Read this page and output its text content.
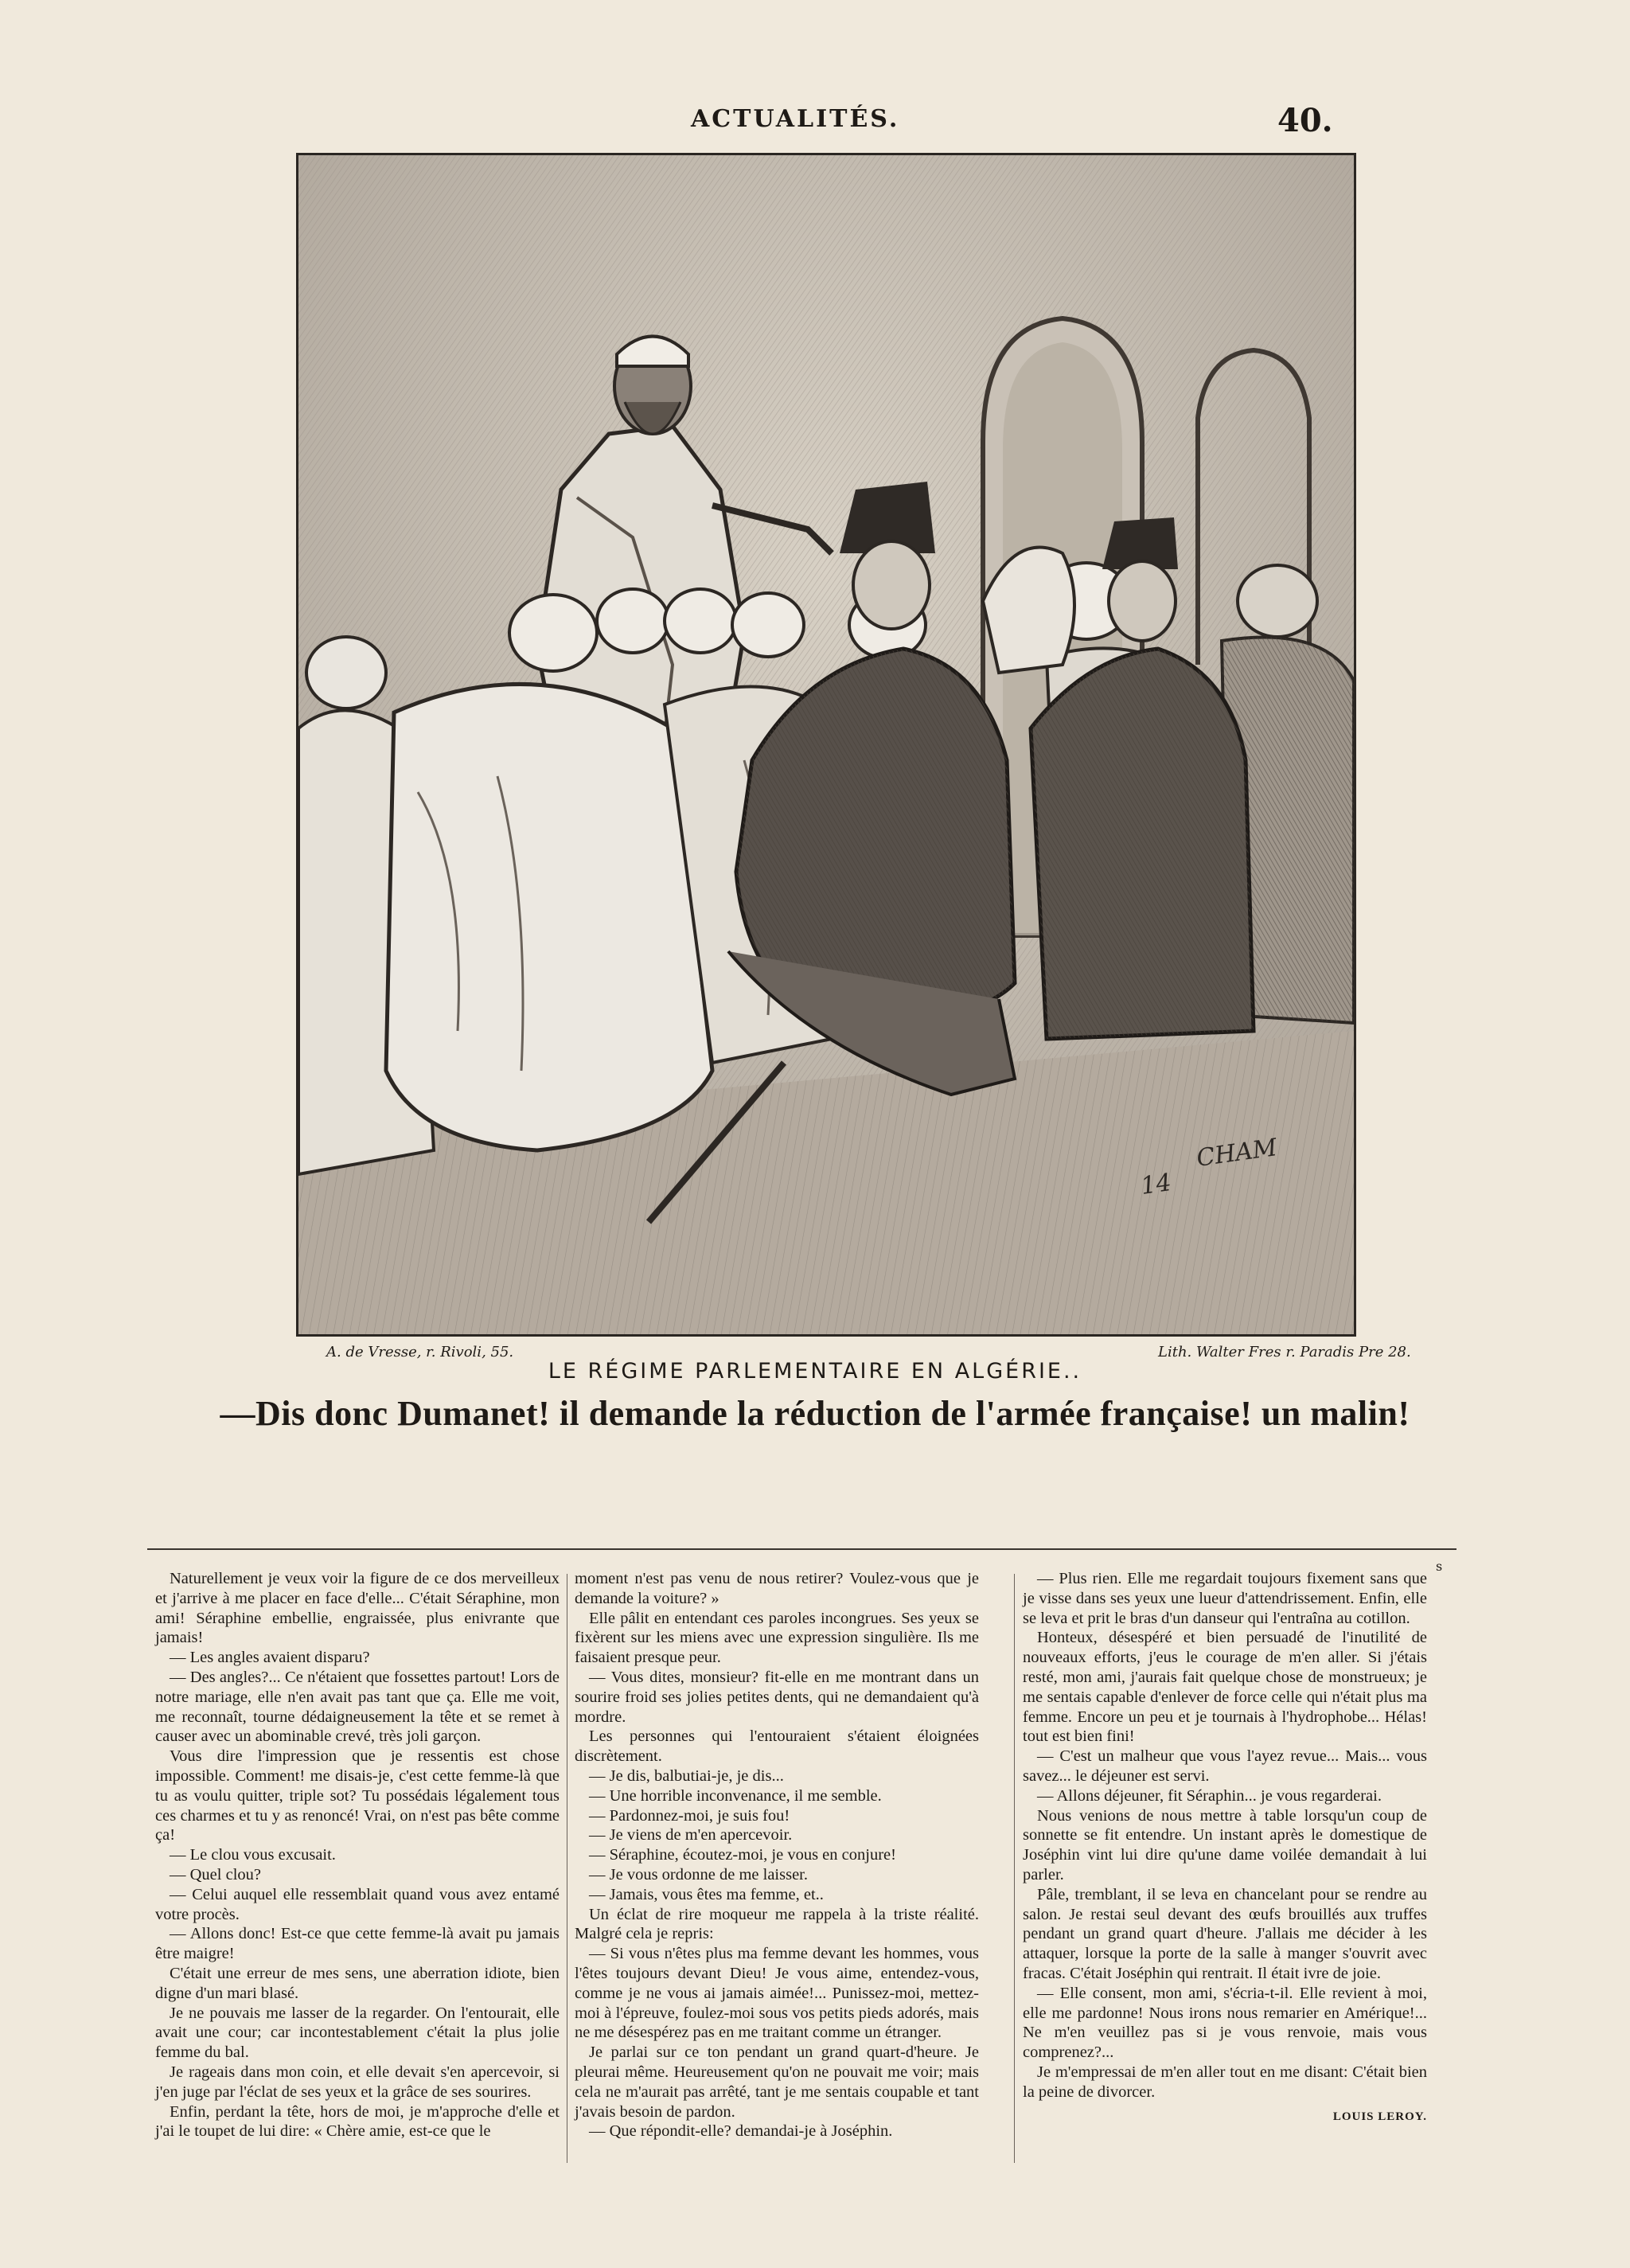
ACTUALITÉS.	40.
CHAM
14
A. de Vresse, r. Rivoli, 55.	Lith. Walter Fres r. Paradis Pre 28.
LE RÉGIME PARLEMENTAIRE EN ALGÉRIE..
—Dis donc Dumanet! il demande la réduction de l'armée française! un malin!
s

Naturellement je veux voir la figure de ce dos merveilleux et j'arrive à me placer en face d'elle... C'était Séraphine, mon ami! Séraphine embellie, engraissée, plus enivrante que jamais!

— Les angles avaient disparu?

— Des angles?... Ce n'étaient que fossettes partout! Lors de notre mariage, elle n'en avait pas tant que ça. Elle me voit, me reconnaît, tourne dédaigneusement la tête et se remet à causer avec un abominable crevé, très joli garçon.

Vous dire l'impression que je ressentis est chose impossible. Comment! me disais-je, c'est cette femme-là que tu as voulu quitter, triple sot? Tu possédais légalement tous ces charmes et tu y as renoncé! Vrai, on n'est pas bête comme ça!

— Le clou vous excusait.

— Quel clou?

— Celui auquel elle ressemblait quand vous avez entamé votre procès.

— Allons donc! Est-ce que cette femme-là avait pu jamais être maigre!

C'était une erreur de mes sens, une aberration idiote, bien digne d'un mari blasé.

Je ne pouvais me lasser de la regarder. On l'entourait, elle avait une cour; car incontestablement c'était la plus jolie femme du bal.

Je rageais dans mon coin, et elle devait s'en apercevoir, si j'en juge par l'éclat de ses yeux et la grâce de ses sourires.

Enfin, perdant la tête, hors de moi, je m'approche d'elle et j'ai le toupet de lui dire: « Chère amie, est-ce que le

moment n'est pas venu de nous retirer? Voulez-vous que je demande la voiture? »

Elle pâlit en entendant ces paroles incongrues. Ses yeux se fixèrent sur les miens avec une expression singulière. Ils me faisaient presque peur.

— Vous dites, monsieur? fit-elle en me montrant dans un sourire froid ses jolies petites dents, qui ne demandaient qu'à mordre.

Les personnes qui l'entouraient s'étaient éloignées discrètement.

— Je dis, balbutiai-je, je dis...

— Une horrible inconvenance, il me semble.

— Pardonnez-moi, je suis fou!

— Je viens de m'en apercevoir.

— Séraphine, écoutez-moi, je vous en conjure!

— Je vous ordonne de me laisser.

— Jamais, vous êtes ma femme, et..

Un éclat de rire moqueur me rappela à la triste réalité. Malgré cela je repris:

— Si vous n'êtes plus ma femme devant les hommes, vous l'êtes toujours devant Dieu! Je vous aime, entendez-vous, comme je ne vous ai jamais aimée!... Punissez-moi, mettez-moi à l'épreuve, foulez-moi sous vos petits pieds adorés, mais ne me désespérez pas en me traitant comme un étranger.

Je parlai sur ce ton pendant un grand quart-d'heure. Je pleurai même. Heureusement qu'on ne pouvait me voir; mais cela ne m'aurait pas arrêté, tant je me sentais coupable et tant j'avais besoin de pardon.

— Que répondit-elle? demandai-je à Joséphin.

— Plus rien. Elle me regardait toujours fixement sans que je visse dans ses yeux une lueur d'attendrissement. Enfin, elle se leva et prit le bras d'un danseur qui l'entraîna au cotillon.

Honteux, désespéré et bien persuadé de l'inutilité de nouveaux efforts, j'eus le courage de m'en aller. Si j'étais resté, mon ami, j'aurais fait quelque chose de monstrueux; je me sentais capable d'enlever de force celle qui n'était plus ma femme. Encore un peu et je tournais à l'hydrophobe... Hélas! tout est bien fini!

— C'est un malheur que vous l'ayez revue... Mais... vous savez... le déjeuner est servi.

— Allons déjeuner, fit Séraphin... je vous regarderai.

Nous venions de nous mettre à table lorsqu'un coup de sonnette se fit entendre. Un instant après le domestique de Joséphin vint lui dire qu'une dame voilée demandait à lui parler.

Pâle, tremblant, il se leva en chancelant pour se rendre au salon. Je restai seul devant des œufs brouillés aux truffes pendant un grand quart d'heure. J'allais me décider à les attaquer, lorsque la porte de la salle à manger s'ouvrit avec fracas. C'était Joséphin qui rentrait. Il était ivre de joie.

— Elle consent, mon ami, s'écria-t-il. Elle revient à moi, elle me pardonne! Nous irons nous remarier en Amérique!... Ne m'en veuillez pas si je vous renvoie, mais vous comprenez?...

Je m'empressai de m'en aller tout en me disant: C'était bien la peine de divorcer.

LOUIS LEROY.
